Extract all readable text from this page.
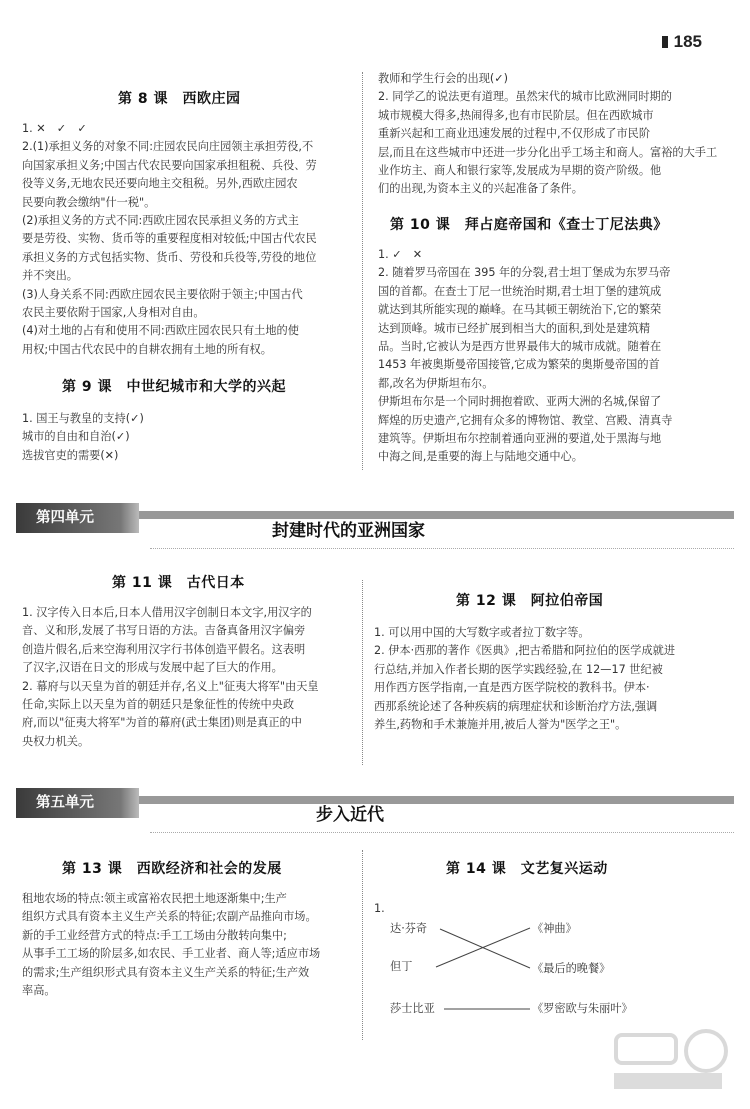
185
第 8 课　西欧庄园
1. ✕　✓　✓
2.(1)承担义务的对象不同:庄园农民向庄园领主承担劳役,不
向国家承担义务;中国古代农民要向国家承担租税、兵役、劳
役等义务,无地农民还要向地主交租税。另外,西欧庄园农
民要向教会缴纳"什一税"。
(2)承担义务的方式不同:西欧庄园农民承担义务的方式主
要是劳役、实物、货币等的重要程度相对较低;中国古代农民
承担义务的方式包括实物、货币、劳役和兵役等,劳役的地位
并不突出。
(3)人身关系不同:西欧庄园农民主要依附于领主;中国古代
农民主要依附于国家,人身相对自由。
(4)对土地的占有和使用不同:西欧庄园农民只有土地的使
用权;中国古代农民中的自耕农拥有土地的所有权。
第 9 课　中世纪城市和大学的兴起
1. 国王与教皇的支持(✓)
城市的自由和自治(✓)
选拔官吏的需要(✕)
教师和学生行会的出现(✓)
2. 同学乙的说法更有道理。虽然宋代的城市比欧洲同时期的
城市规模大得多,热闹得多,也有市民阶层。但在西欧城市
重新兴起和工商业迅速发展的过程中,不仅形成了市民阶
层,而且在这些城市中还进一步分化出乎工场主和商人。富裕的大手工
业作坊主、商人和银行家等,发展成为早期的资产阶级。他
们的出现,为资本主义的兴起准备了条件。
第 10 课　拜占庭帝国和《查士丁尼法典》
1. ✓　✕
2. 随着罗马帝国在 395 年的分裂,君士坦丁堡成为东罗马帝
国的首都。在查士丁尼一世统治时期,君士坦丁堡的建筑成
就达到其所能实现的巅峰。在马其顿王朝统治下,它的繁荣
达到顶峰。城市已经扩展到相当大的面积,到处是建筑精
品。当时,它被认为是西方世界最伟大的城市成就。随着在
1453 年被奥斯曼帝国接管,它成为繁荣的奥斯曼帝国的首
都,改名为伊斯坦布尔。
伊斯坦布尔是一个同时拥抱着欧、亚两大洲的名城,保留了
辉煌的历史遗产,它拥有众多的博物馆、教堂、宫殿、清真寺
建筑等。伊斯坦布尔控制着通向亚洲的要道,处于黑海与地
中海之间,是重要的海上与陆地交通中心。
第四单元
封建时代的亚洲国家
第 11 课　古代日本
1. 汉字传入日本后,日本人借用汉字创制日本文字,用汉字的
音、义和形,发展了书写日语的方法。吉备真备用汉字偏旁
创造片假名,后来空海利用汉字行书体创造平假名。这表明
了汉字,汉语在日文的形成与发展中起了巨大的作用。
2. 幕府与以天皇为首的朝廷并存,名义上"征夷大将军"由天皇
任命,实际上以天皇为首的朝廷只是象征性的传统中央政
府,而以"征夷大将军"为首的幕府(武士集团)则是真正的中
央权力机关。
第 12 课　阿拉伯帝国
1. 可以用中国的大写数字或者拉丁数字等。
2. 伊本·西那的著作《医典》,把古希腊和阿拉伯的医学成就进
行总结,并加入作者长期的医学实践经验,在 12—17 世纪被
用作西方医学指南,一直是西方医学院校的教科书。伊本·
西那系统论述了各种疾病的病理症状和诊断治疗方法,强调
养生,药物和手术兼施并用,被后人誉为"医学之王"。
第五单元
步入近代
第 13 课　西欧经济和社会的发展
租地农场的特点:领主或富裕农民把土地逐渐集中;生产
组织方式具有资本主义生产关系的特征;农副产品推向市场。
新的手工业经营方式的特点:手工工场由分散转向集中;
从事手工工场的阶层多,如农民、手工业者、商人等;适应市场
的需求;生产组织形式具有资本主义生产关系的特征;生产效
率高。
第 14 课　文艺复兴运动
1.
达·芬奇
但丁
莎士比亚
《神曲》
《最后的晚餐》
《罗密欧与朱丽叶》
